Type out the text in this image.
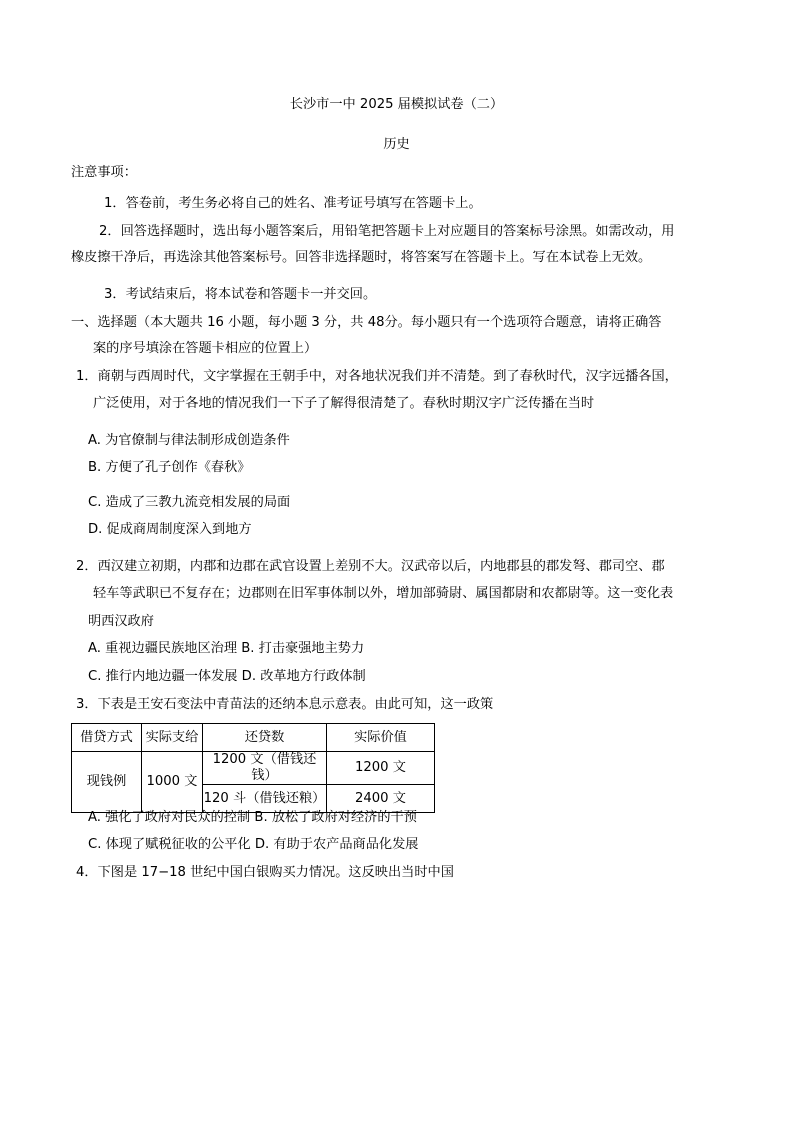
长沙市一中 2025 届模拟试卷（二）
历史
注意事项：
1．答卷前，考生务必将自己的姓名、准考证号填写在答题卡上。
2．回答选择题时，选出每小题答案后，用铅笔把答题卡上对应题目的答案标号涂黑。如需改动，用
橡皮擦干净后，再选涂其他答案标号。回答非选择题时，将答案写在答题卡上。写在本试卷上无效。
3．考试结束后，将本试卷和答题卡一并交回。
一、选择题（本大题共 16 小题，每小题 3 分，共 48分。每小题只有一个选项符合题意，请将正确答
案的序号填涂在答题卡相应的位置上）
1．商朝与西周时代，文字掌握在王朝手中，对各地状况我们并不清楚。到了春秋时代，汉字远播各国，
广泛使用，对于各地的情况我们一下子了解得很清楚了。春秋时期汉字广泛传播在当时
A. 为官僚制与律法制形成创造条件
B. 方便了孔子创作《春秋》
C. 造成了三教九流竞相发展的局面
D. 促成商周制度深入到地方
2．西汉建立初期，内郡和边郡在武官设置上差别不大。汉武帝以后，内地郡县的郡发弩、郡司空、郡
轻车等武职已不复存在；边郡则在旧军事体制以外，增加部骑尉、属国都尉和农都尉等。这一变化表
明西汉政府
A. 重视边疆民族地区治理 B. 打击豪强地主势力
C. 推行内地边疆一体发展 D. 改革地方行政体制
3．下表是王安石变法中青苗法的还纳本息示意表。由此可知，这一政策
借贷方式	实际支给	还贷数	实际价值
现钱例	1000 文	1200 文（借钱还钱）	1200 文
		120 斗（借钱还粮）	2400 文
A. 强化了政府对民众的控制 B. 放松了政府对经济的干预
C. 体现了赋税征收的公平化 D. 有助于农产品商品化发展
4．下图是 17−18 世纪中国白银购买力情况。这反映出当时中国
